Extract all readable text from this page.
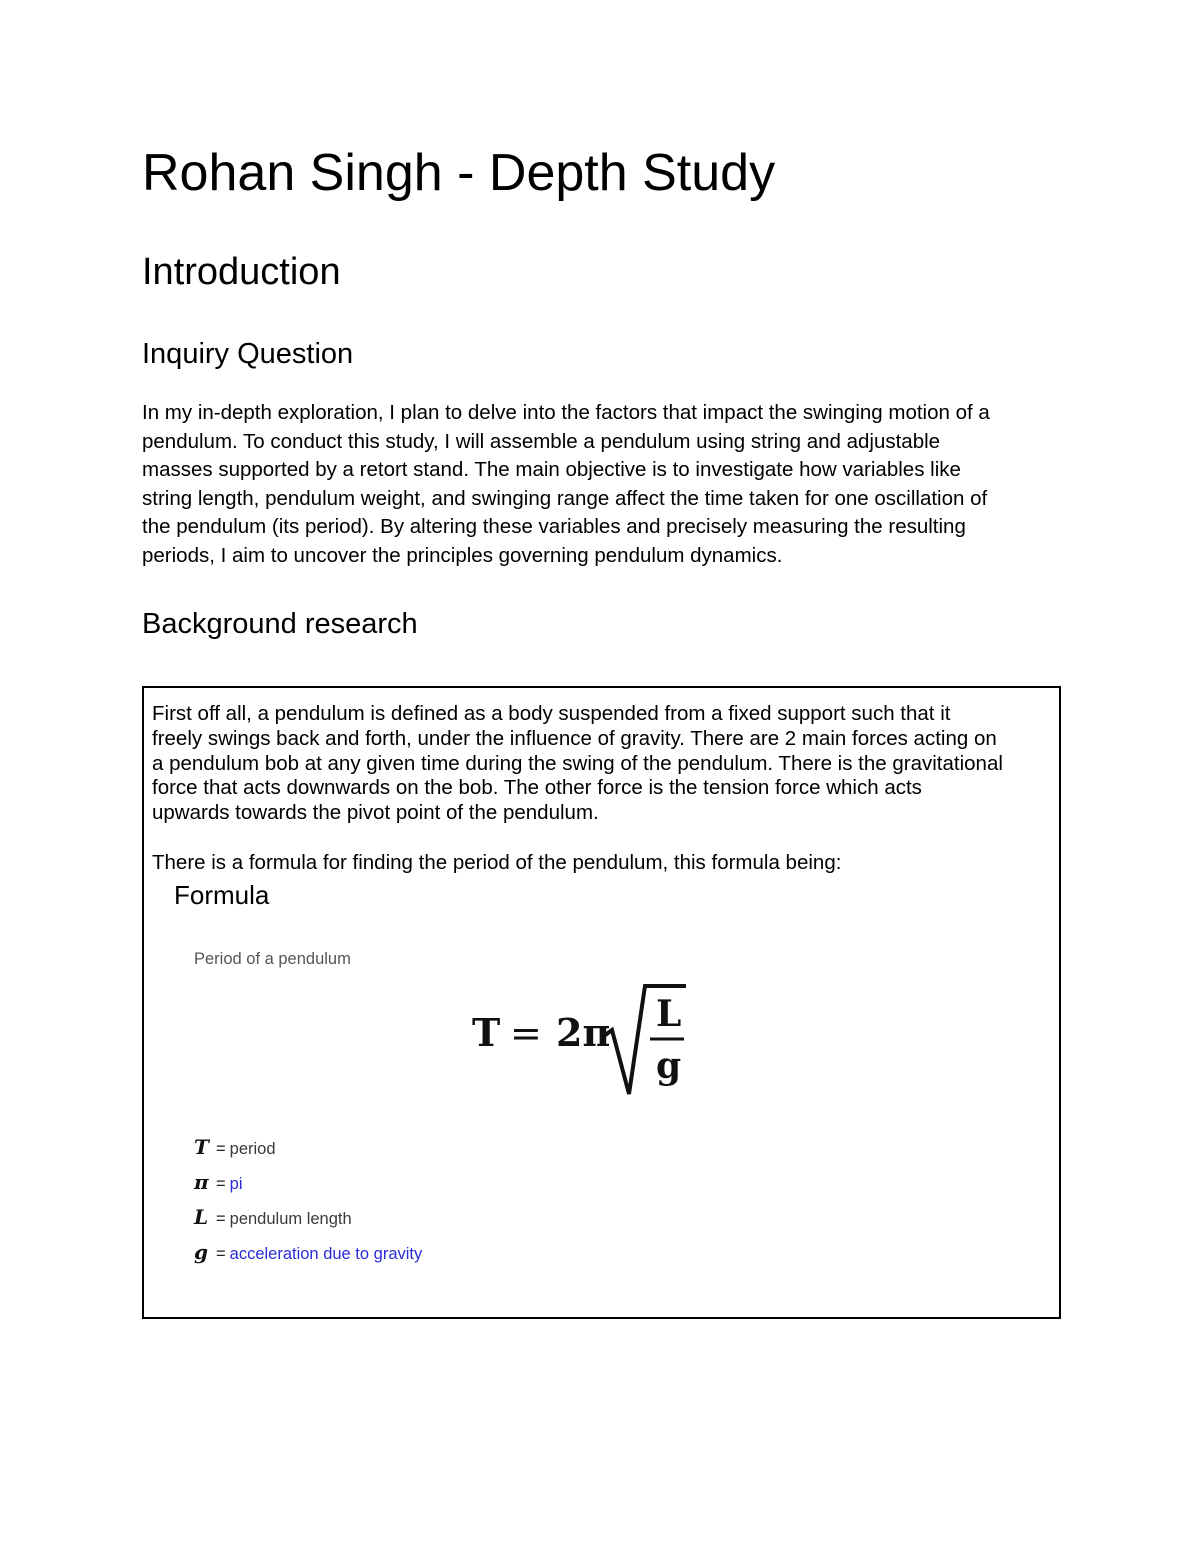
Rohan Singh - Depth Study
Introduction
Inquiry Question

In my in-depth exploration, I plan to delve into the factors that impact the swinging motion of a
pendulum. To conduct this study, I will assemble a pendulum using string and adjustable
masses supported by a retort stand. The main objective is to investigate how variables like
string length, pendulum weight, and swinging range affect the time taken for one oscillation of
the pendulum (its period). By altering these variables and precisely measuring the resulting
periods, I aim to uncover the principles governing pendulum dynamics.

Background research

First off all, a pendulum is defined as a body suspended from a fixed support such that it
freely swings back and forth, under the influence of gravity. There are 2 main forces acting on
a pendulum bob at any given time during the swing of the pendulum. There is the gravitational
force that acts downwards on the bob. The other force is the tension force which acts
upwards towards the pivot point of the pendulum.

There is a formula for finding the period of the pendulum, this formula being:

Formula
Period of a pendulum
T = 2π L
g
T = period
π = pi
L = pendulum length
g = acceleration due to gravity
